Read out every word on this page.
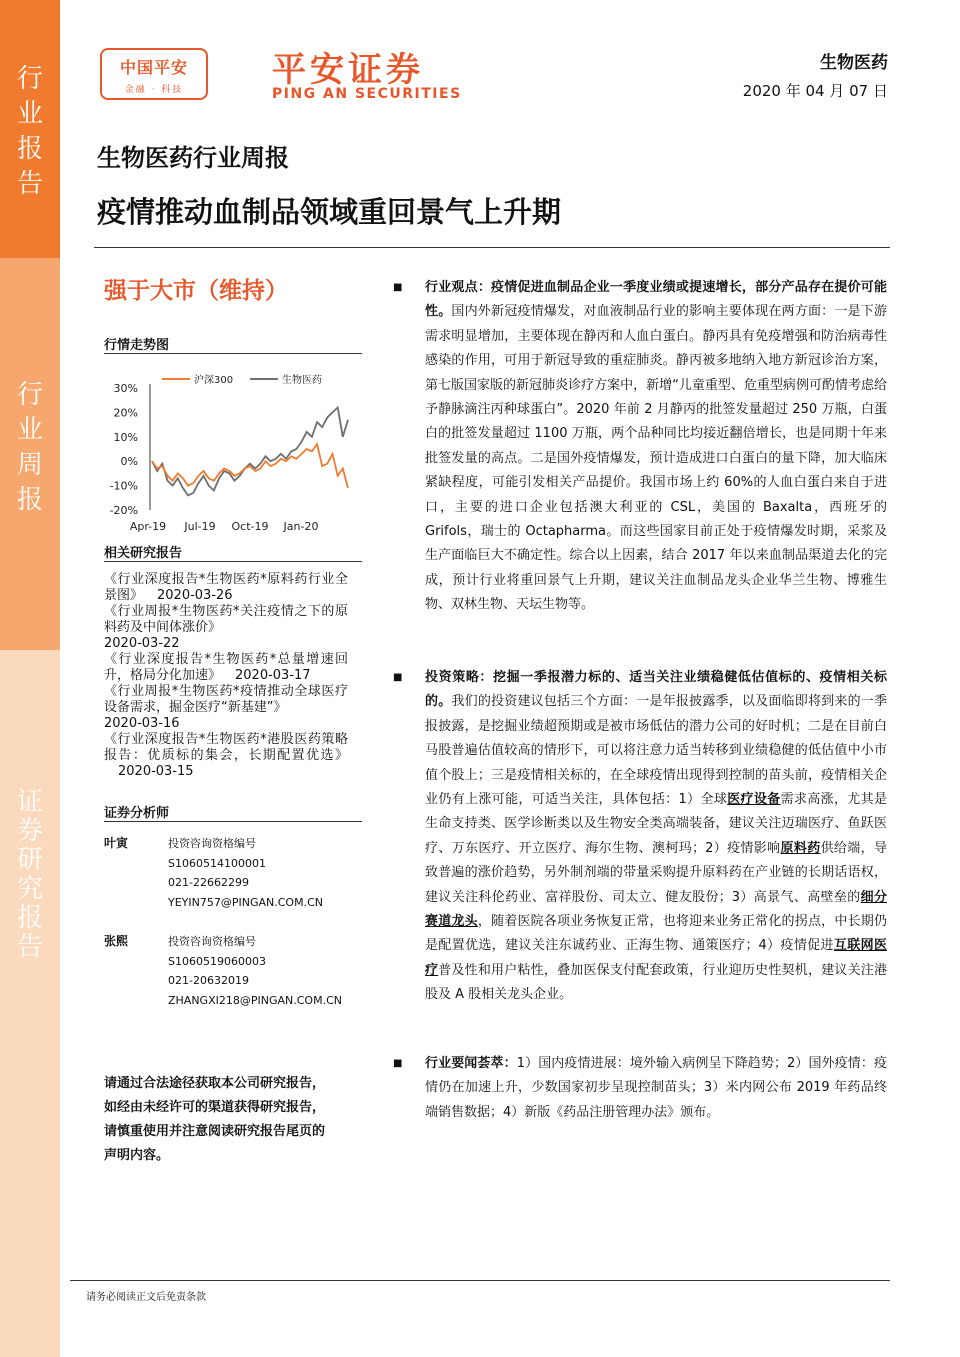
行
业
报
告
行
业
周
报
证
券
研
究
报
告
中国平安
金融 · 科技	平安证券
PING AN SECURITIES
生物医药
2020 年 04 月 07 日
生物医药行业周报
疫情推动血制品领域重回景气上升期
强于大市（维持）
行情走势图
30%
20%
10%
0%
-10%
-20%
Apr-19 Jul-19 Oct-19 Jan-20
沪深300	生物医药
相关研究报告
《行业深度报告*生物医药*原料药行业全景图》 2020-03-26
《行业周报*生物医药*关注疫情之下的原料药及中间体涨价》
2020-03-22
《行业深度报告*生物医药*总量增速回升，格局分化加速》 2020-03-17
《行业周报*生物医药*疫情推动全球医疗设备需求，掘金医疗“新基建”》
2020-03-16
《行业深度报告*生物医药*港股医药策略报告：优质标的集会，长期配置优选》2020-03-15
证券分析师
叶寅	投资咨询资格编号
S1060514100001
021-22662299
YEYIN757@PINGAN.COM.CN
张熙	投资咨询资格编号
S1060519060003
021-20632019
ZHANGXI218@PINGAN.COM.CN
请通过合法途径获取本公司研究报告，如经由未经许可的渠道获得研究报告，请慎重使用并注意阅读研究报告尾页的声明内容。
■ 行业观点：疫情促进血制品企业一季度业绩或提速增长，部分产品存在提价可能性。国内外新冠疫情爆发，对血液制品行业的影响主要体现在两方面：一是下游需求明显增加，主要体现在静丙和人血白蛋白。静丙具有免疫增强和防治病毒性感染的作用，可用于新冠导致的重症肺炎。静丙被多地纳入地方新冠诊治方案，第七版国家版的新冠肺炎诊疗方案中，新增“儿童重型、危重型病例可酌情考虑给予静脉滴注丙种球蛋白”。2020 年前 2 月静丙的批签发量超过 250 万瓶，白蛋白的批签发量超过 1100 万瓶，两个品种同比均接近翻倍增长，也是同期十年来批签发量的高点。二是国外疫情爆发，预计造成进口白蛋白的量下降，加大临床紧缺程度，可能引发相关产品提价。我国市场上约 60%的人血白蛋白来自于进口，主要的进口企业包括澳大利亚的 CSL，美国的 Baxalta，西班牙的 Grifols，瑞士的 Octapharma。而这些国家目前正处于疫情爆发时期，采浆及生产面临巨大不确定性。综合以上因素，结合 2017 年以来血制品渠道去化的完成，预计行业将重回景气上升期，建议关注血制品龙头企业华兰生物、博雅生物、双林生物、天坛生物等。
■ 投资策略：挖掘一季报潜力标的、适当关注业绩稳健低估值标的、疫情相关标的。我们的投资建议包括三个方面：一是年报披露季，以及面临即将到来的一季报披露，是挖掘业绩超预期或是被市场低估的潜力公司的好时机；二是在目前白马股普遍估值较高的情形下，可以将注意力适当转移到业绩稳健的低估值中小市值个股上；三是疫情相关标的，在全球疫情出现得到控制的苗头前，疫情相关企业仍有上涨可能，可适当关注，具体包括：1）全球医疗设备需求高涨，尤其是生命支持类、医学诊断类以及生物安全类高端装备，建议关注迈瑞医疗、鱼跃医疗、万东医疗、开立医疗、海尔生物、澳柯玛；2）疫情影响原料药供给端，导致普遍的涨价趋势，另外制剂端的带量采购提升原料药在产业链的长期话语权，建议关注科伦药业、富祥股份、司太立、健友股份；3）高景气、高壁垒的细分赛道龙头，随着医院各项业务恢复正常，也将迎来业务正常化的拐点，中长期仍是配置优选，建议关注东诚药业、正海生物、通策医疗；4）疫情促进互联网医疗普及性和用户粘性，叠加医保支付配套政策，行业迎历史性契机，建议关注港股及 A 股相关龙头企业。
■ 行业要闻荟萃：1）国内疫情进展：境外输入病例呈下降趋势；2）国外疫情：疫情仍在加速上升，少数国家初步呈现控制苗头；3）米内网公布 2019 年药品终端销售数据；4）新版《药品注册管理办法》颁布。
请务必阅读正文后免责条款
